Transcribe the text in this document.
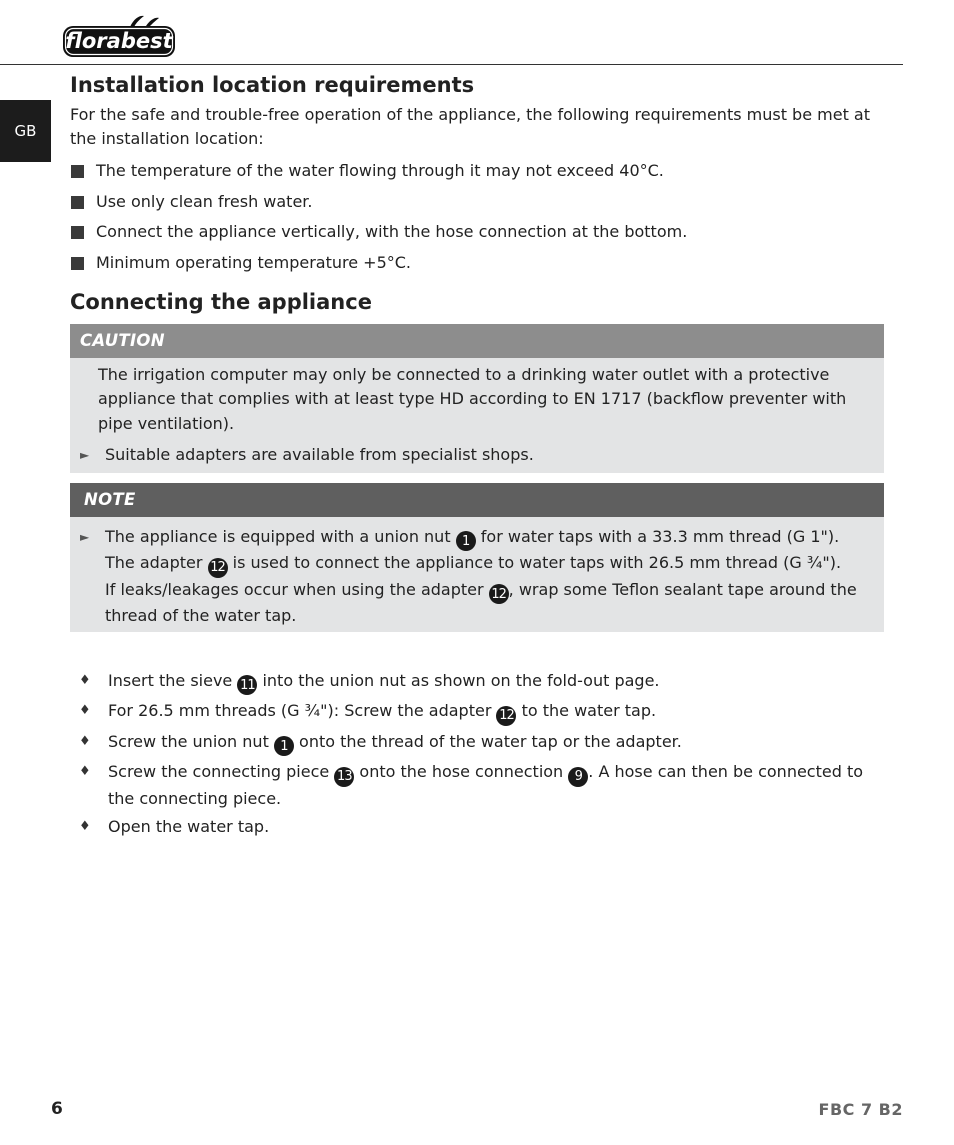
florabest
GB
Installation location requirements

For the safe and trouble-free operation of the appliance, the following requirements must be met at the installation location:

The temperature of the water flowing through it may not exceed 40°C.
Use only clean fresh water.
Connect the appliance vertically, with the hose connection at the bottom.
Minimum operating temperature +5°C.
Connecting the appliance
CAUTION
The irrigation computer may only be connected to a drinking water outlet with a protective appliance that complies with at least type HD according to EN 1717 (backflow preventer with pipe ventilation).
► Suitable adapters are available from specialist shops.
NOTE
► The appliance is equipped with a union nut 1 for water taps with a 33.3 mm thread (G 1").
The adapter 12 is used to connect the appliance to water taps with 26.5 mm thread (G ¾").
If leaks/leakages occur when using the adapter 12 , wrap some Teflon sealant tape around the thread of the water tap.
♦ Insert the sieve 11 into the union nut as shown on the fold-out page.
♦ For 26.5 mm threads (G ¾"): Screw the adapter 12 to the water tap.
♦ Screw the union nut 1 onto the thread of the water tap or the adapter.
♦ Screw the connecting piece 13 onto the hose connection 9 . A hose can then be connected to the connecting piece.
♦ Open the water tap.
6	FBC 7 B2
